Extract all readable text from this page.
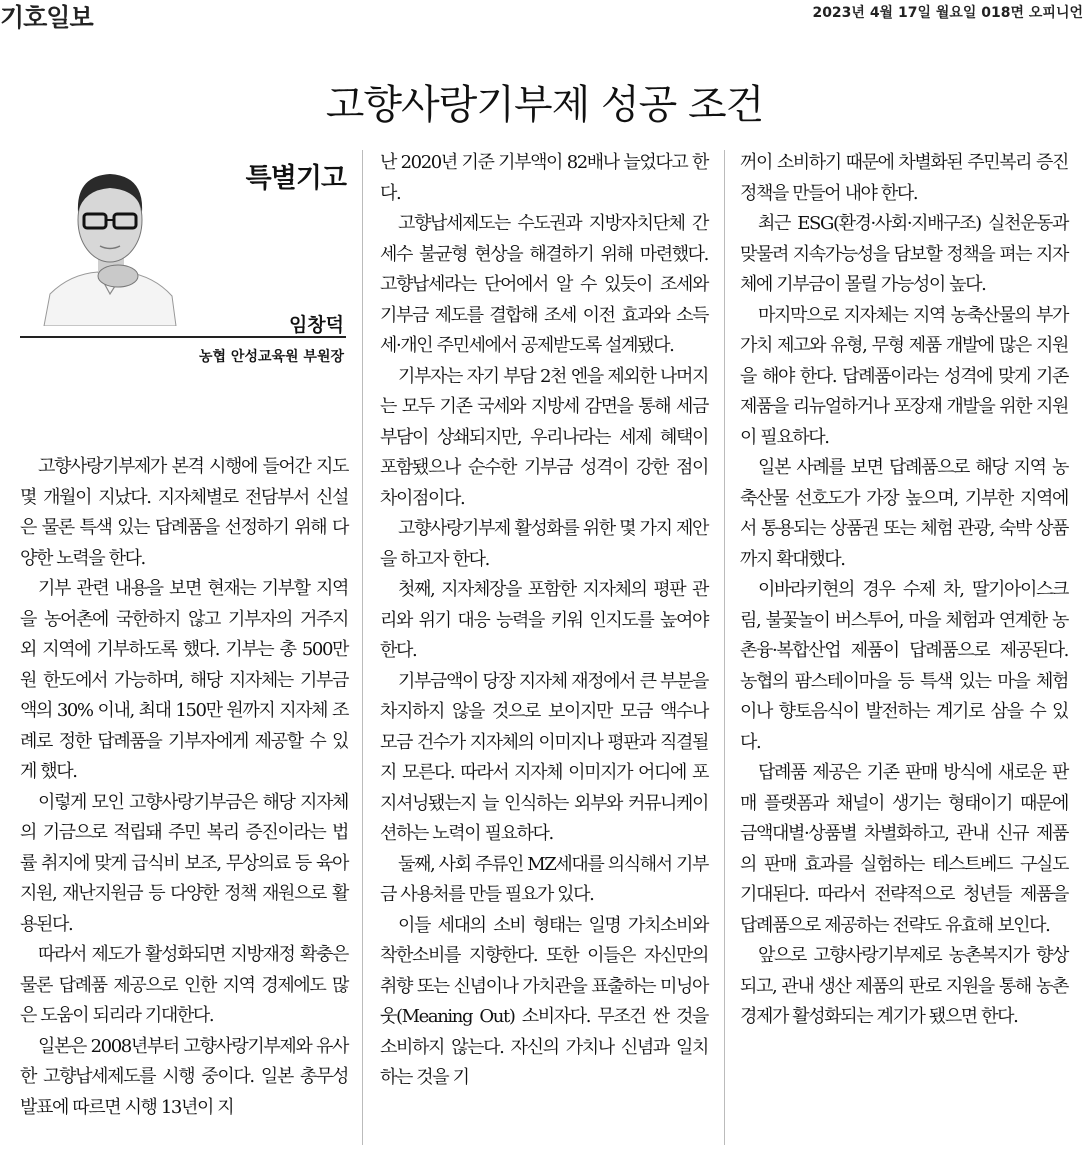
기호일보	2023년 4월 17일 월요일 018면 오피니언
고향사랑기부제 성공 조건
특별기고
임창덕
농협 안성교육원 부원장

고향사랑기부제가 본격 시행에 들어간 지도 몇 개월이 지났다. 지자체별로 전담부서 신설은 물론 특색 있는 답례품을 선정하기 위해 다양한 노력을 한다.

기부 관련 내용을 보면 현재는 기부할 지역을 농어촌에 국한하지 않고 기부자의 거주지 외 지역에 기부하도록 했다. 기부는 총 500만 원 한도에서 가능하며, 해당 지자체는 기부금액의 30% 이내, 최대 150만 원까지 지자체 조례로 정한 답례품을 기부자에게 제공할 수 있게 했다.

이렇게 모인 고향사랑기부금은 해당 지자체의 기금으로 적립돼 주민 복리 증진이라는 법률 취지에 맞게 급식비 보조, 무상의료 등 육아 지원, 재난지원금 등 다양한 정책 재원으로 활용된다.

따라서 제도가 활성화되면 지방재정 확충은 물론 답례품 제공으로 인한 지역 경제에도 많은 도움이 되리라 기대한다.

일본은 2008년부터 고향사랑기부제와 유사한 고향납세제도를 시행 중이다. 일본 총무성 발표에 따르면 시행 13년이 지

난 2020년 기준 기부액이 82배나 늘었다고 한다.

고향납세제도는 수도권과 지방자치단체 간 세수 불균형 현상을 해결하기 위해 마련했다. 고향납세라는 단어에서 알 수 있듯이 조세와 기부금 제도를 결합해 조세 이전 효과와 소득세·개인 주민세에서 공제받도록 설계됐다.

기부자는 자기 부담 2천 엔을 제외한 나머지는 모두 기존 국세와 지방세 감면을 통해 세금 부담이 상쇄되지만, 우리나라는 세제 혜택이 포함됐으나 순수한 기부금 성격이 강한 점이 차이점이다.

고향사랑기부제 활성화를 위한 몇 가지 제안을 하고자 한다.

첫째, 지자체장을 포함한 지자체의 평판 관리와 위기 대응 능력을 키워 인지도를 높여야 한다.

기부금액이 당장 지자체 재정에서 큰 부분을 차지하지 않을 것으로 보이지만 모금 액수나 모금 건수가 지자체의 이미지나 평판과 직결될지 모른다. 따라서 지자체 이미지가 어디에 포지셔닝됐는지 늘 인식하는 외부와 커뮤니케이션하는 노력이 필요하다.

둘째, 사회 주류인 MZ세대를 의식해서 기부금 사용처를 만들 필요가 있다.

이들 세대의 소비 형태는 일명 가치소비와 착한소비를 지향한다. 또한 이들은 자신만의 취향 또는 신념이나 가치관을 표출하는 미닝아웃(Meaning Out) 소비자다. 무조건 싼 것을 소비하지 않는다. 자신의 가치나 신념과 일치하는 것을 기

꺼이 소비하기 때문에 차별화된 주민복리 증진 정책을 만들어 내야 한다.

최근 ESG(환경·사회·지배구조) 실천운동과 맞물려 지속가능성을 담보할 정책을 펴는 지자체에 기부금이 몰릴 가능성이 높다.

마지막으로 지자체는 지역 농축산물의 부가가치 제고와 유형, 무형 제품 개발에 많은 지원을 해야 한다. 답례품이라는 성격에 맞게 기존 제품을 리뉴얼하거나 포장재 개발을 위한 지원이 필요하다.

일본 사례를 보면 답례품으로 해당 지역 농축산물 선호도가 가장 높으며, 기부한 지역에서 통용되는 상품권 또는 체험 관광, 숙박 상품까지 확대했다.

이바라키현의 경우 수제 차, 딸기아이스크림, 불꽃놀이 버스투어, 마을 체험과 연계한 농촌융·복합산업 제품이 답례품으로 제공된다. 농협의 팜스테이마을 등 특색 있는 마을 체험이나 향토음식이 발전하는 계기로 삼을 수 있다.

답례품 제공은 기존 판매 방식에 새로운 판매 플랫폼과 채널이 생기는 형태이기 때문에 금액대별·상품별 차별화하고, 관내 신규 제품의 판매 효과를 실험하는 테스트베드 구실도 기대된다. 따라서 전략적으로 청년들 제품을 답례품으로 제공하는 전략도 유효해 보인다.

앞으로 고향사랑기부제로 농촌복지가 향상되고, 관내 생산 제품의 판로 지원을 통해 농촌 경제가 활성화되는 계기가 됐으면 한다.
